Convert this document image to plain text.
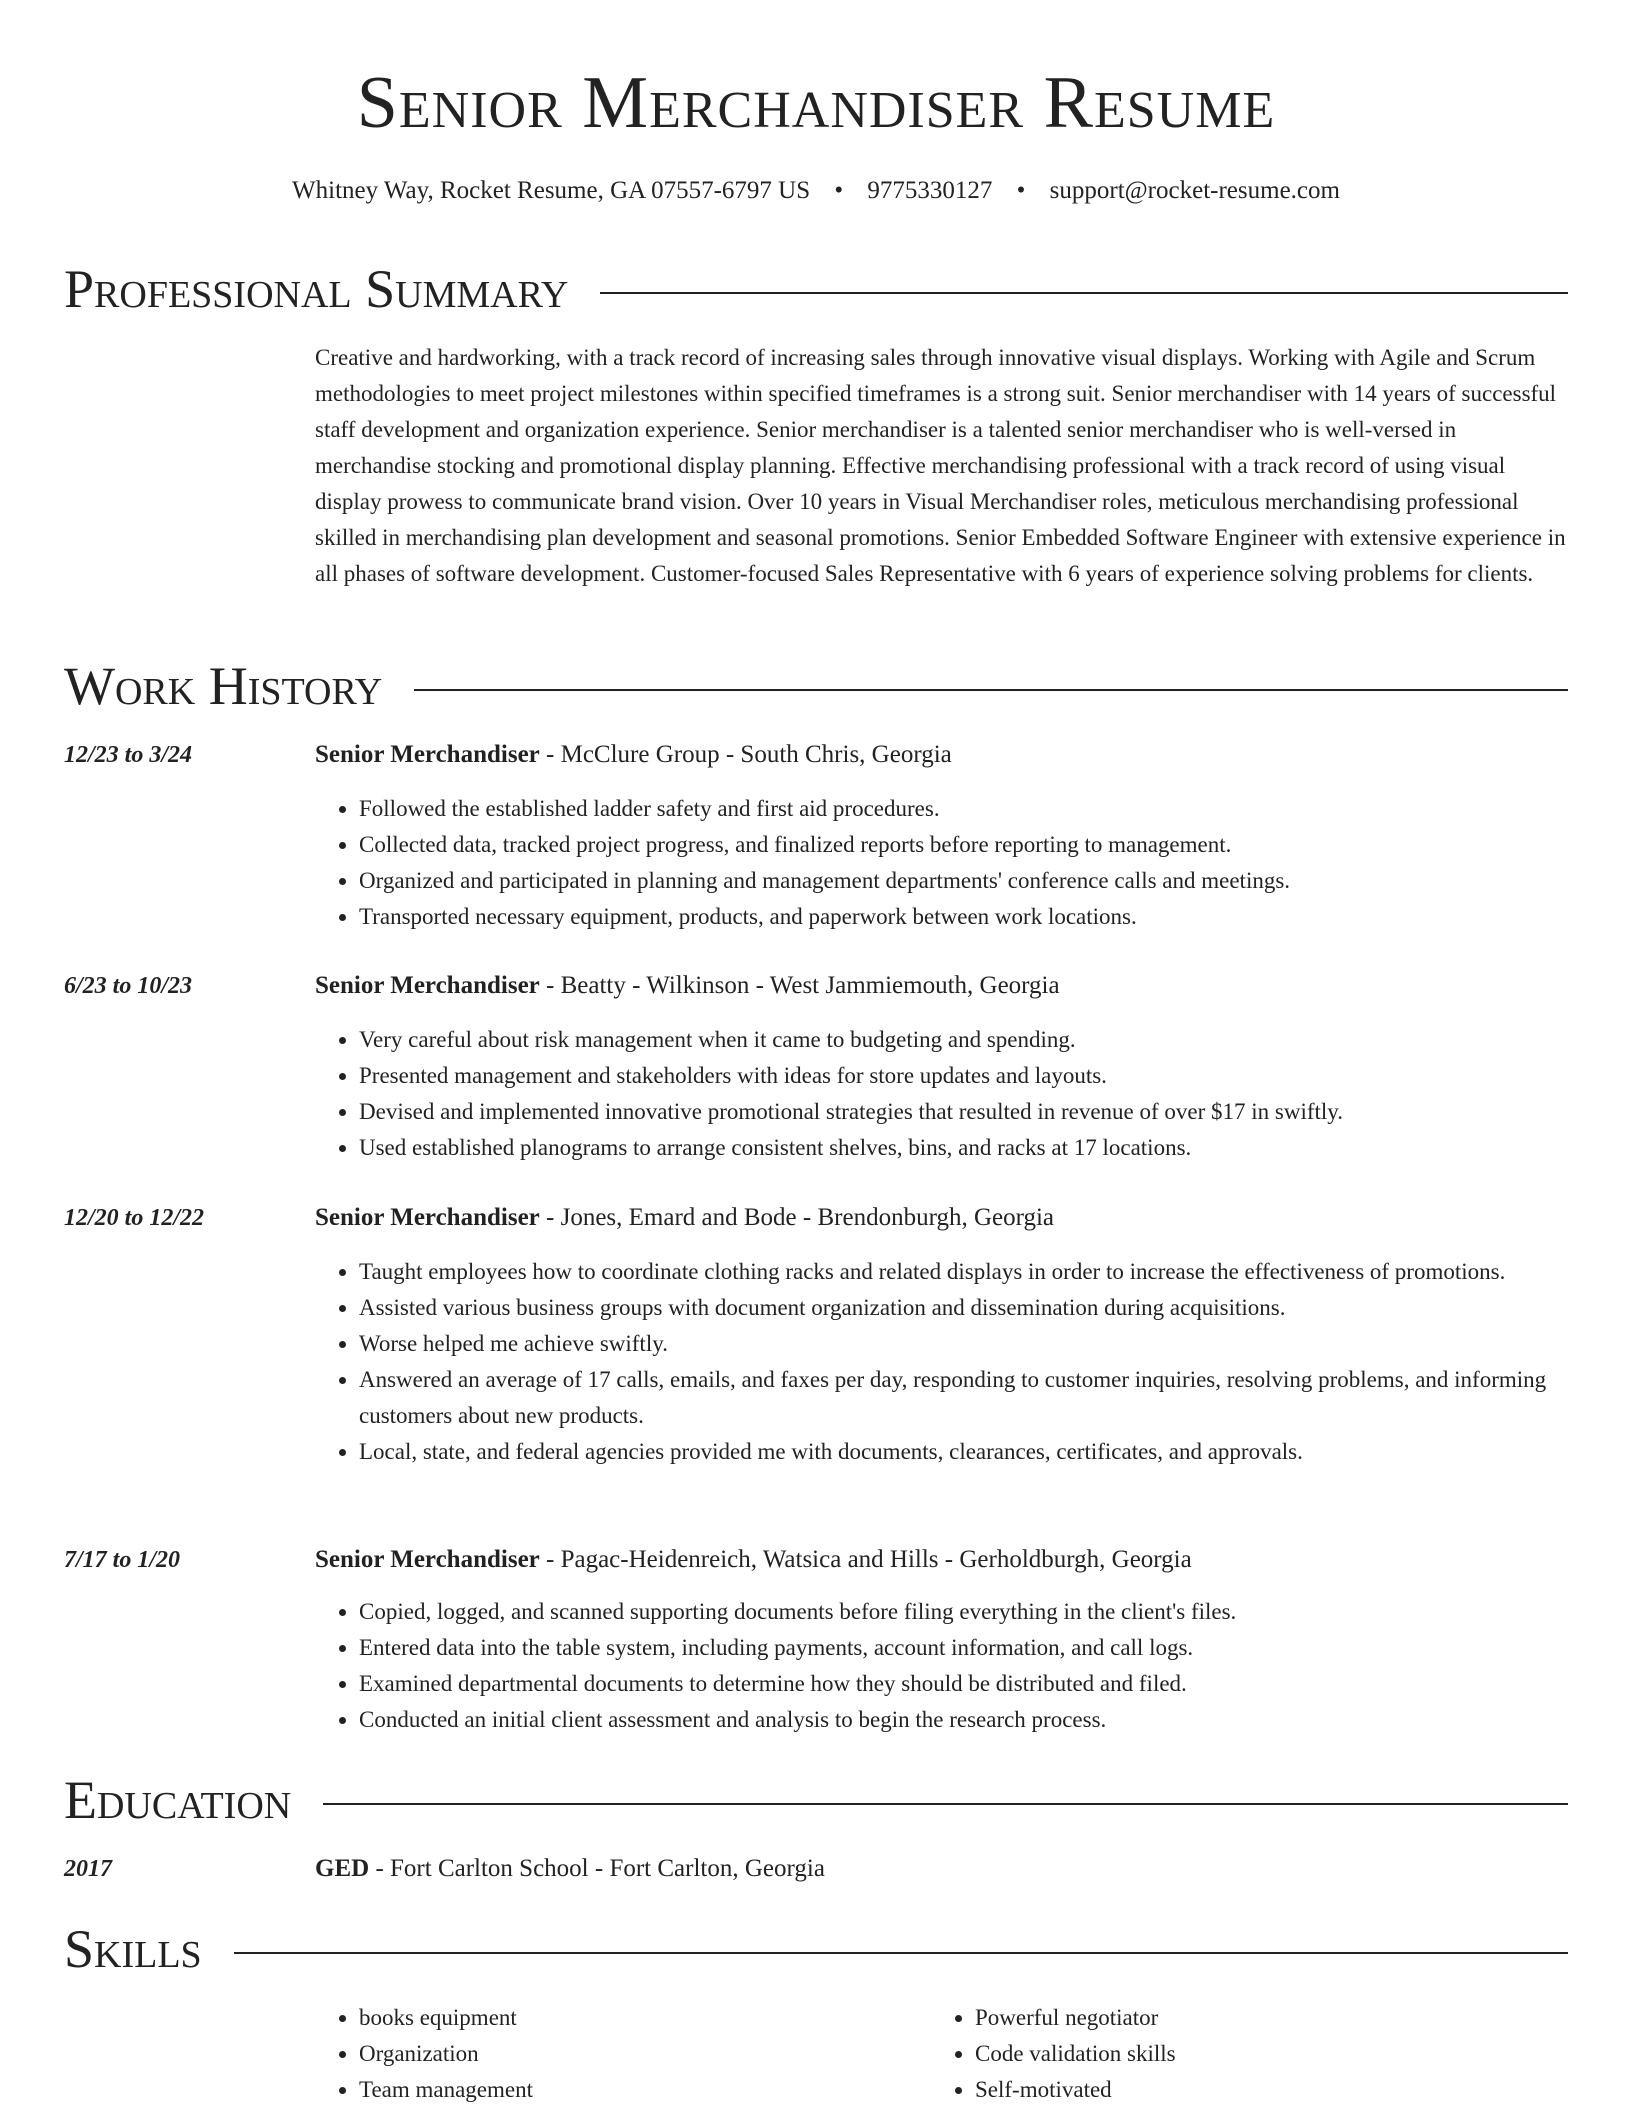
Senior Merchandiser Resume
Whitney Way, Rocket Resume, GA 07557-6797 US • 9775330127 • support@rocket-resume.com
Professional Summary

Creative and hardworking, with a track record of increasing sales through innovative visual displays. Working with Agile and Scrum methodologies to meet project milestones within specified timeframes is a strong suit. Senior merchandiser with 14 years of successful staff development and organization experience. Senior merchandiser is a talented senior merchandiser who is well-versed in merchandise stocking and promotional display planning. Effective merchandising professional with a track record of using visual display prowess to communicate brand vision. Over 10 years in Visual Merchandiser roles, meticulous merchandising professional skilled in merchandising plan development and seasonal promotions. Senior Embedded Software Engineer with extensive experience in all phases of software development. Customer-focused Sales Representative with 6 years of experience solving problems for clients.

Work History
12/23 to 3/24	Senior Merchandiser - McClure Group - South Chris, Georgia
• Followed the established ladder safety and first aid procedures.
• Collected data, tracked project progress, and finalized reports before reporting to management.
• Organized and participated in planning and management departments' conference calls and meetings.
• Transported necessary equipment, products, and paperwork between work locations.
6/23 to 10/23	Senior Merchandiser - Beatty - Wilkinson - West Jammiemouth, Georgia
• Very careful about risk management when it came to budgeting and spending.
• Presented management and stakeholders with ideas for store updates and layouts.
• Devised and implemented innovative promotional strategies that resulted in revenue of over $17 in swiftly.
• Used established planograms to arrange consistent shelves, bins, and racks at 17 locations.
12/20 to 12/22	Senior Merchandiser - Jones, Emard and Bode - Brendonburgh, Georgia
• Taught employees how to coordinate clothing racks and related displays in order to increase the effectiveness of promotions.
• Assisted various business groups with document organization and dissemination during acquisitions.
• Worse helped me achieve swiftly.
• Answered an average of 17 calls, emails, and faxes per day, responding to customer inquiries, resolving problems, and informing customers about new products.
• Local, state, and federal agencies provided me with documents, clearances, certificates, and approvals.
7/17 to 1/20	Senior Merchandiser - Pagac-Heidenreich, Watsica and Hills - Gerholdburgh, Georgia
• Copied, logged, and scanned supporting documents before filing everything in the client's files.
• Entered data into the table system, including payments, account information, and call logs.
• Examined departmental documents to determine how they should be distributed and filed.
• Conducted an initial client assessment and analysis to begin the research process.
Education
2017	GED - Fort Carlton School - Fort Carlton, Georgia
Skills
• books equipment
• Organization
• Team management
• Powerful negotiator
• Code validation skills
• Self-motivated
